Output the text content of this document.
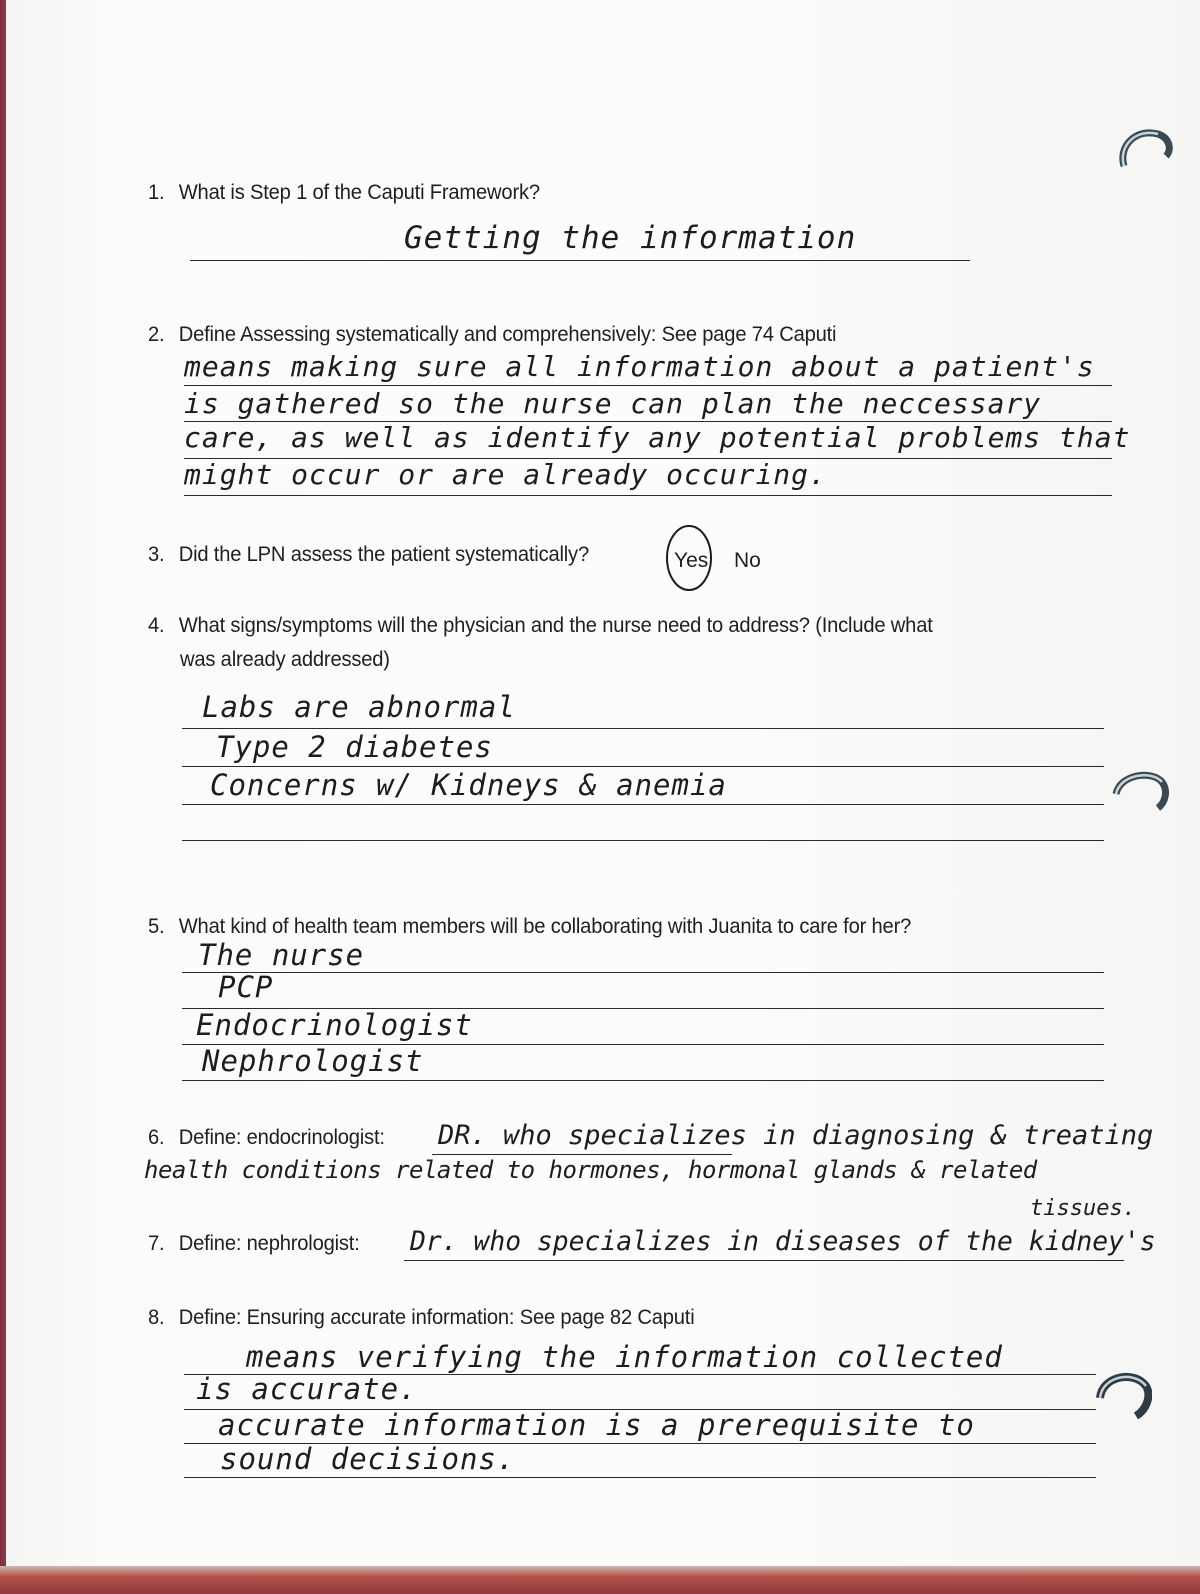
1. What is Step 1 of the Caputi Framework?
Getting the information
2. Define Assessing systematically and comprehensively: See page 74 Caputi
means making sure all information about a patient's
is gathered so the nurse can plan the neccessary
care, as well as identify any potential problems that
might occur or are already occuring.
3. Did the LPN assess the patient systematically?	Yes No
4. What signs/symptoms will the physician and the nurse need to address? (Include what
was already addressed)
Labs are abnormal
Type 2 diabetes
Concerns w/ Kidneys & anemia
5. What kind of health team members will be collaborating with Juanita to care for her?
The nurse
PCP
Endocrinologist
Nephrologist
6. Define: endocrinologist: DR. who specializes in diagnosing & treating
health conditions related to hormones, hormonal glands & related
tissues.
7. Define: nephrologist: Dr. who specializes in diseases of the kidney's
8. Define: Ensuring accurate information: See page 82 Caputi
means verifying the information collected
is accurate.
accurate information is a prerequisite to
sound decisions.
